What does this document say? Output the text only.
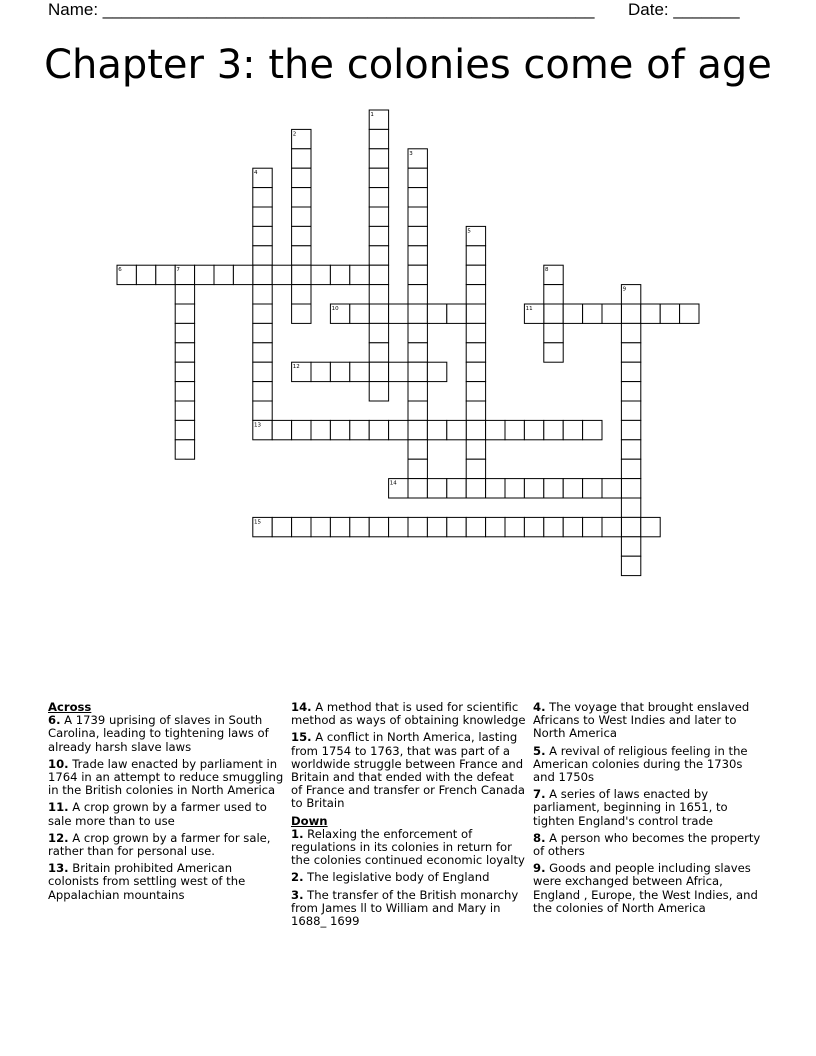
Name: ____________________________________________________ Date: _______
Chapter 3: the colonies come of age
1
2
3
4
5
6	7	8
9
10	11
12
13
14
15

Across

6. A 1739 uprising of slaves in South Carolina, leading to tightening laws of already harsh slave laws

10. Trade law enacted by parliament in 1764 in an attempt to reduce smuggling in the British colonies in North America

11. A crop grown by a farmer used to sale more than to use

12. A crop grown by a farmer for sale, rather than for personal use.

13. Britain prohibited American colonists from settling west of the Appalachian mountains

14. A method that is used for scientific method as ways of obtaining knowledge

15. A conflict in North America, lasting from 1754 to 1763, that was part of a worldwide struggle between France and Britain and that ended with the defeat of France and transfer or French Canada to Britain

Down

1. Relaxing the enforcement of regulations in its colonies in return for the colonies continued economic loyalty

2. The legislative body of England

3. The transfer of the British monarchy from James ll to William and Mary in 1688_ 1699

4. The voyage that brought enslaved Africans to West Indies and later to North America

5. A revival of religious feeling in the American colonies during the 1730s and 1750s

7. A series of laws enacted by parliament, beginning in 1651, to tighten England's control trade

8. A person who becomes the property of others

9. Goods and people including slaves were exchanged between Africa, England , Europe, the West Indies, and the colonies of North America
